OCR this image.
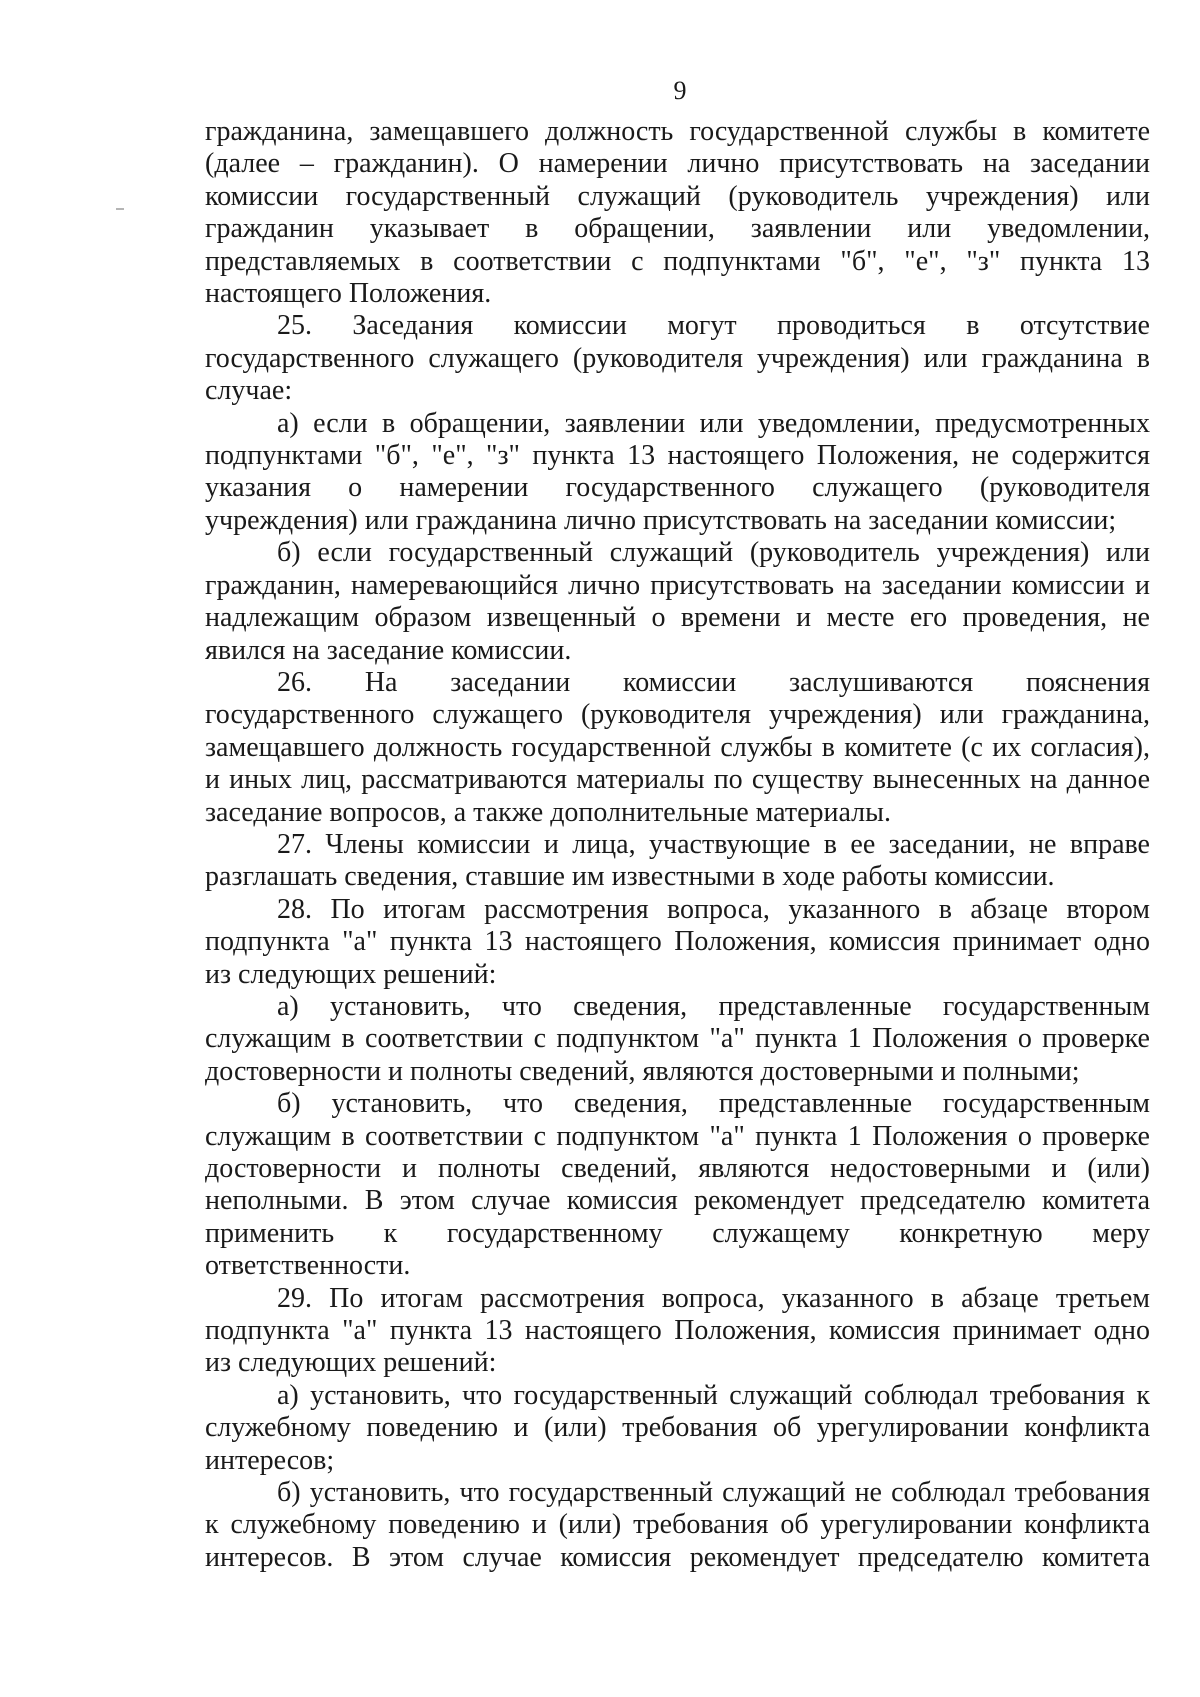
9

гражданина, замещавшего должность государственной службы в комитете

(далее – гражданин). О намерении лично присутствовать на заседании

комиссии государственный служащий (руководитель учреждения) или

гражданин указывает в обращении, заявлении или уведомлении,

представляемых в соответствии с подпунктами "б", "е", "з" пункта 13

настоящего Положения.

25. Заседания комиссии могут проводиться в отсутствие

государственного служащего (руководителя учреждения) или гражданина в

случае:

а) если в обращении, заявлении или уведомлении, предусмотренных

подпунктами "б", "е", "з" пункта 13 настоящего Положения, не содержится

указания о намерении государственного служащего (руководителя

учреждения) или гражданина лично присутствовать на заседании комиссии;

б) если государственный служащий (руководитель учреждения) или

гражданин, намеревающийся лично присутствовать на заседании комиссии и

надлежащим образом извещенный о времени и месте его проведения, не

явился на заседание комиссии.

26. На заседании комиссии заслушиваются пояснения

государственного служащего (руководителя учреждения) или гражданина,

замещавшего должность государственной службы в комитете (с их согласия),

и иных лиц, рассматриваются материалы по существу вынесенных на данное

заседание вопросов, а также дополнительные материалы.

27. Члены комиссии и лица, участвующие в ее заседании, не вправе

разглашать сведения, ставшие им известными в ходе работы комиссии.

28. По итогам рассмотрения вопроса, указанного в абзаце втором

подпункта "а" пункта 13 настоящего Положения, комиссия принимает одно

из следующих решений:

а) установить, что сведения, представленные государственным

служащим в соответствии с подпунктом "а" пункта 1 Положения о проверке

достоверности и полноты сведений, являются достоверными и полными;

б) установить, что сведения, представленные государственным

служащим в соответствии с подпунктом "а" пункта 1 Положения о проверке

достоверности и полноты сведений, являются недостоверными и (или)

неполными. В этом случае комиссия рекомендует председателю комитета

применить к государственному служащему конкретную меру

ответственности.

29. По итогам рассмотрения вопроса, указанного в абзаце третьем

подпункта "а" пункта 13 настоящего Положения, комиссия принимает одно

из следующих решений:

а) установить, что государственный служащий соблюдал требования к

служебному поведению и (или) требования об урегулировании конфликта

интересов;

б) установить, что государственный служащий не соблюдал требования

к служебному поведению и (или) требования об урегулировании конфликта

интересов. В этом случае комиссия рекомендует председателю комитета
